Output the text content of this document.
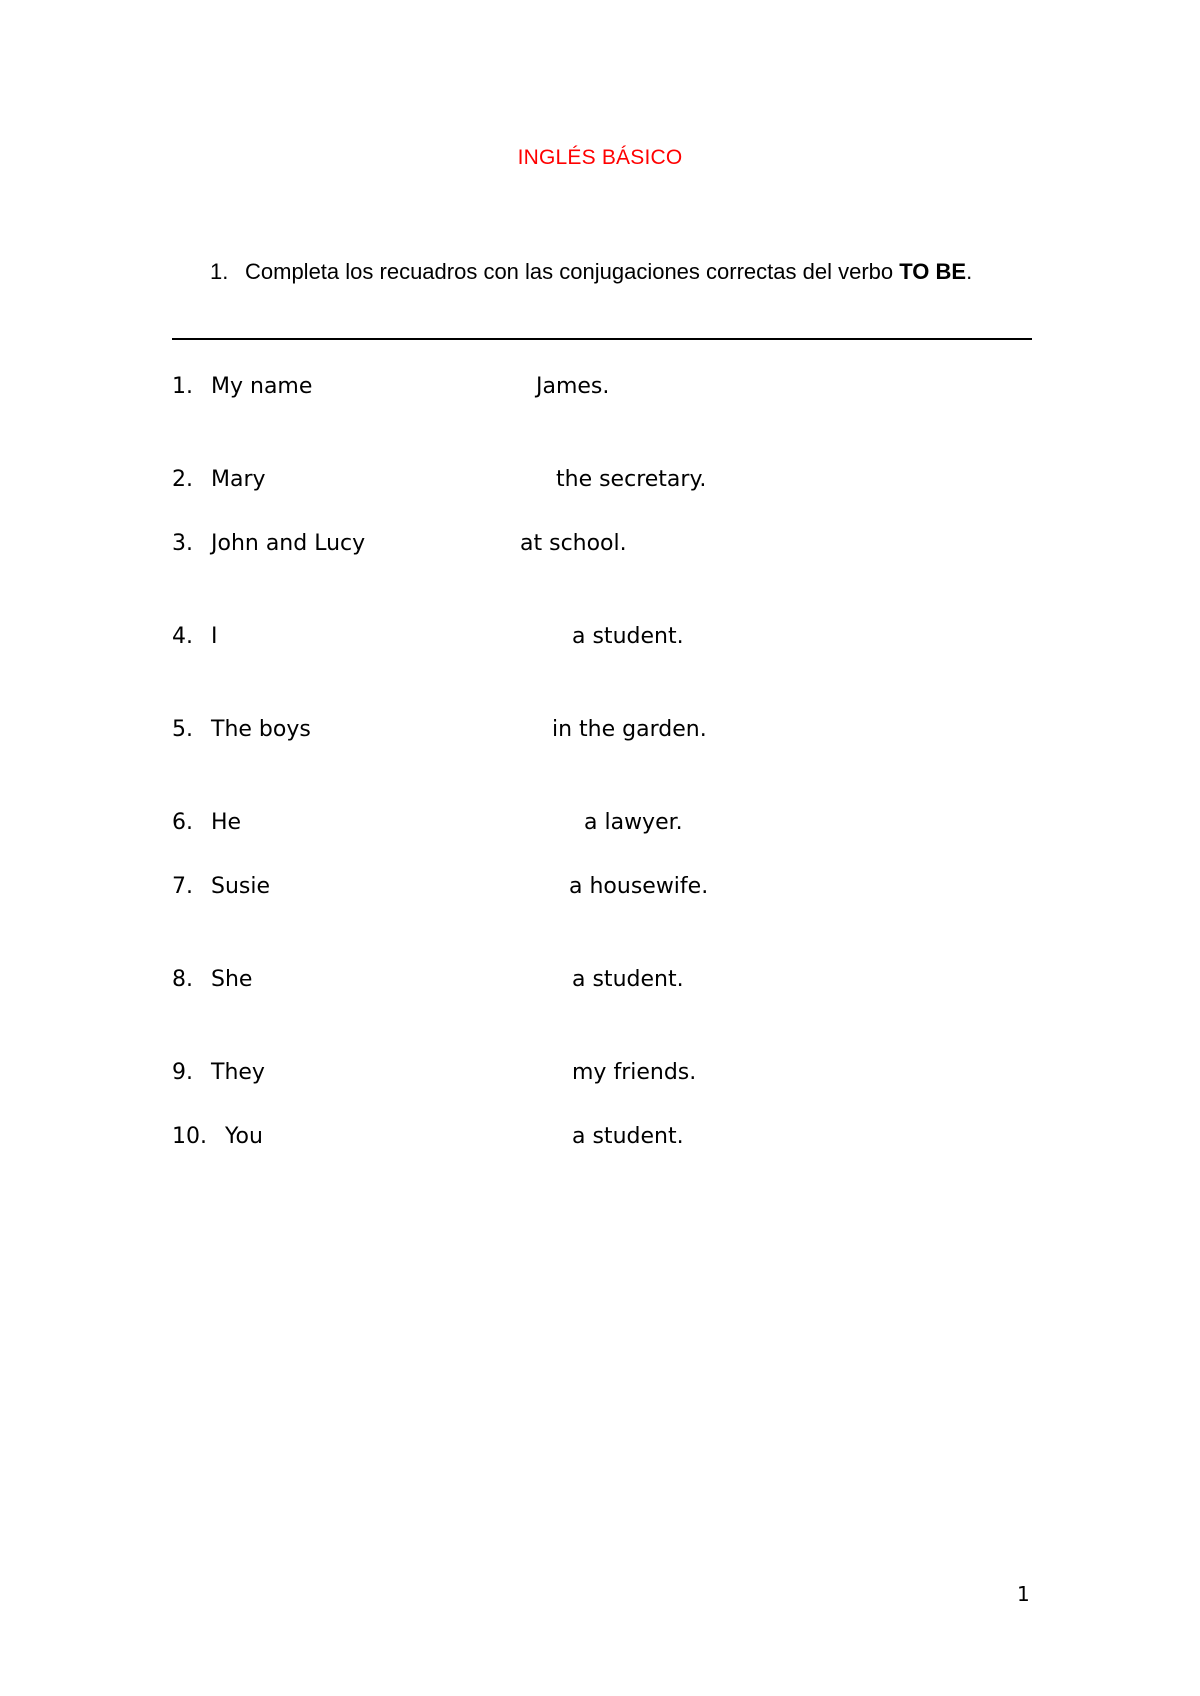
INGLÉS BÁSICO
1. Completa los recuadros con las conjugaciones correctas del verbo TO BE.
1. My name	James.
2. Mary	the secretary.
3. John and Lucy	at school.
4. I	a student.
5. The boys	in the garden.
6. He	a lawyer.
7. Susie	a housewife.
8. She	a student.
9. They	my friends.
10. You	a student.
1
